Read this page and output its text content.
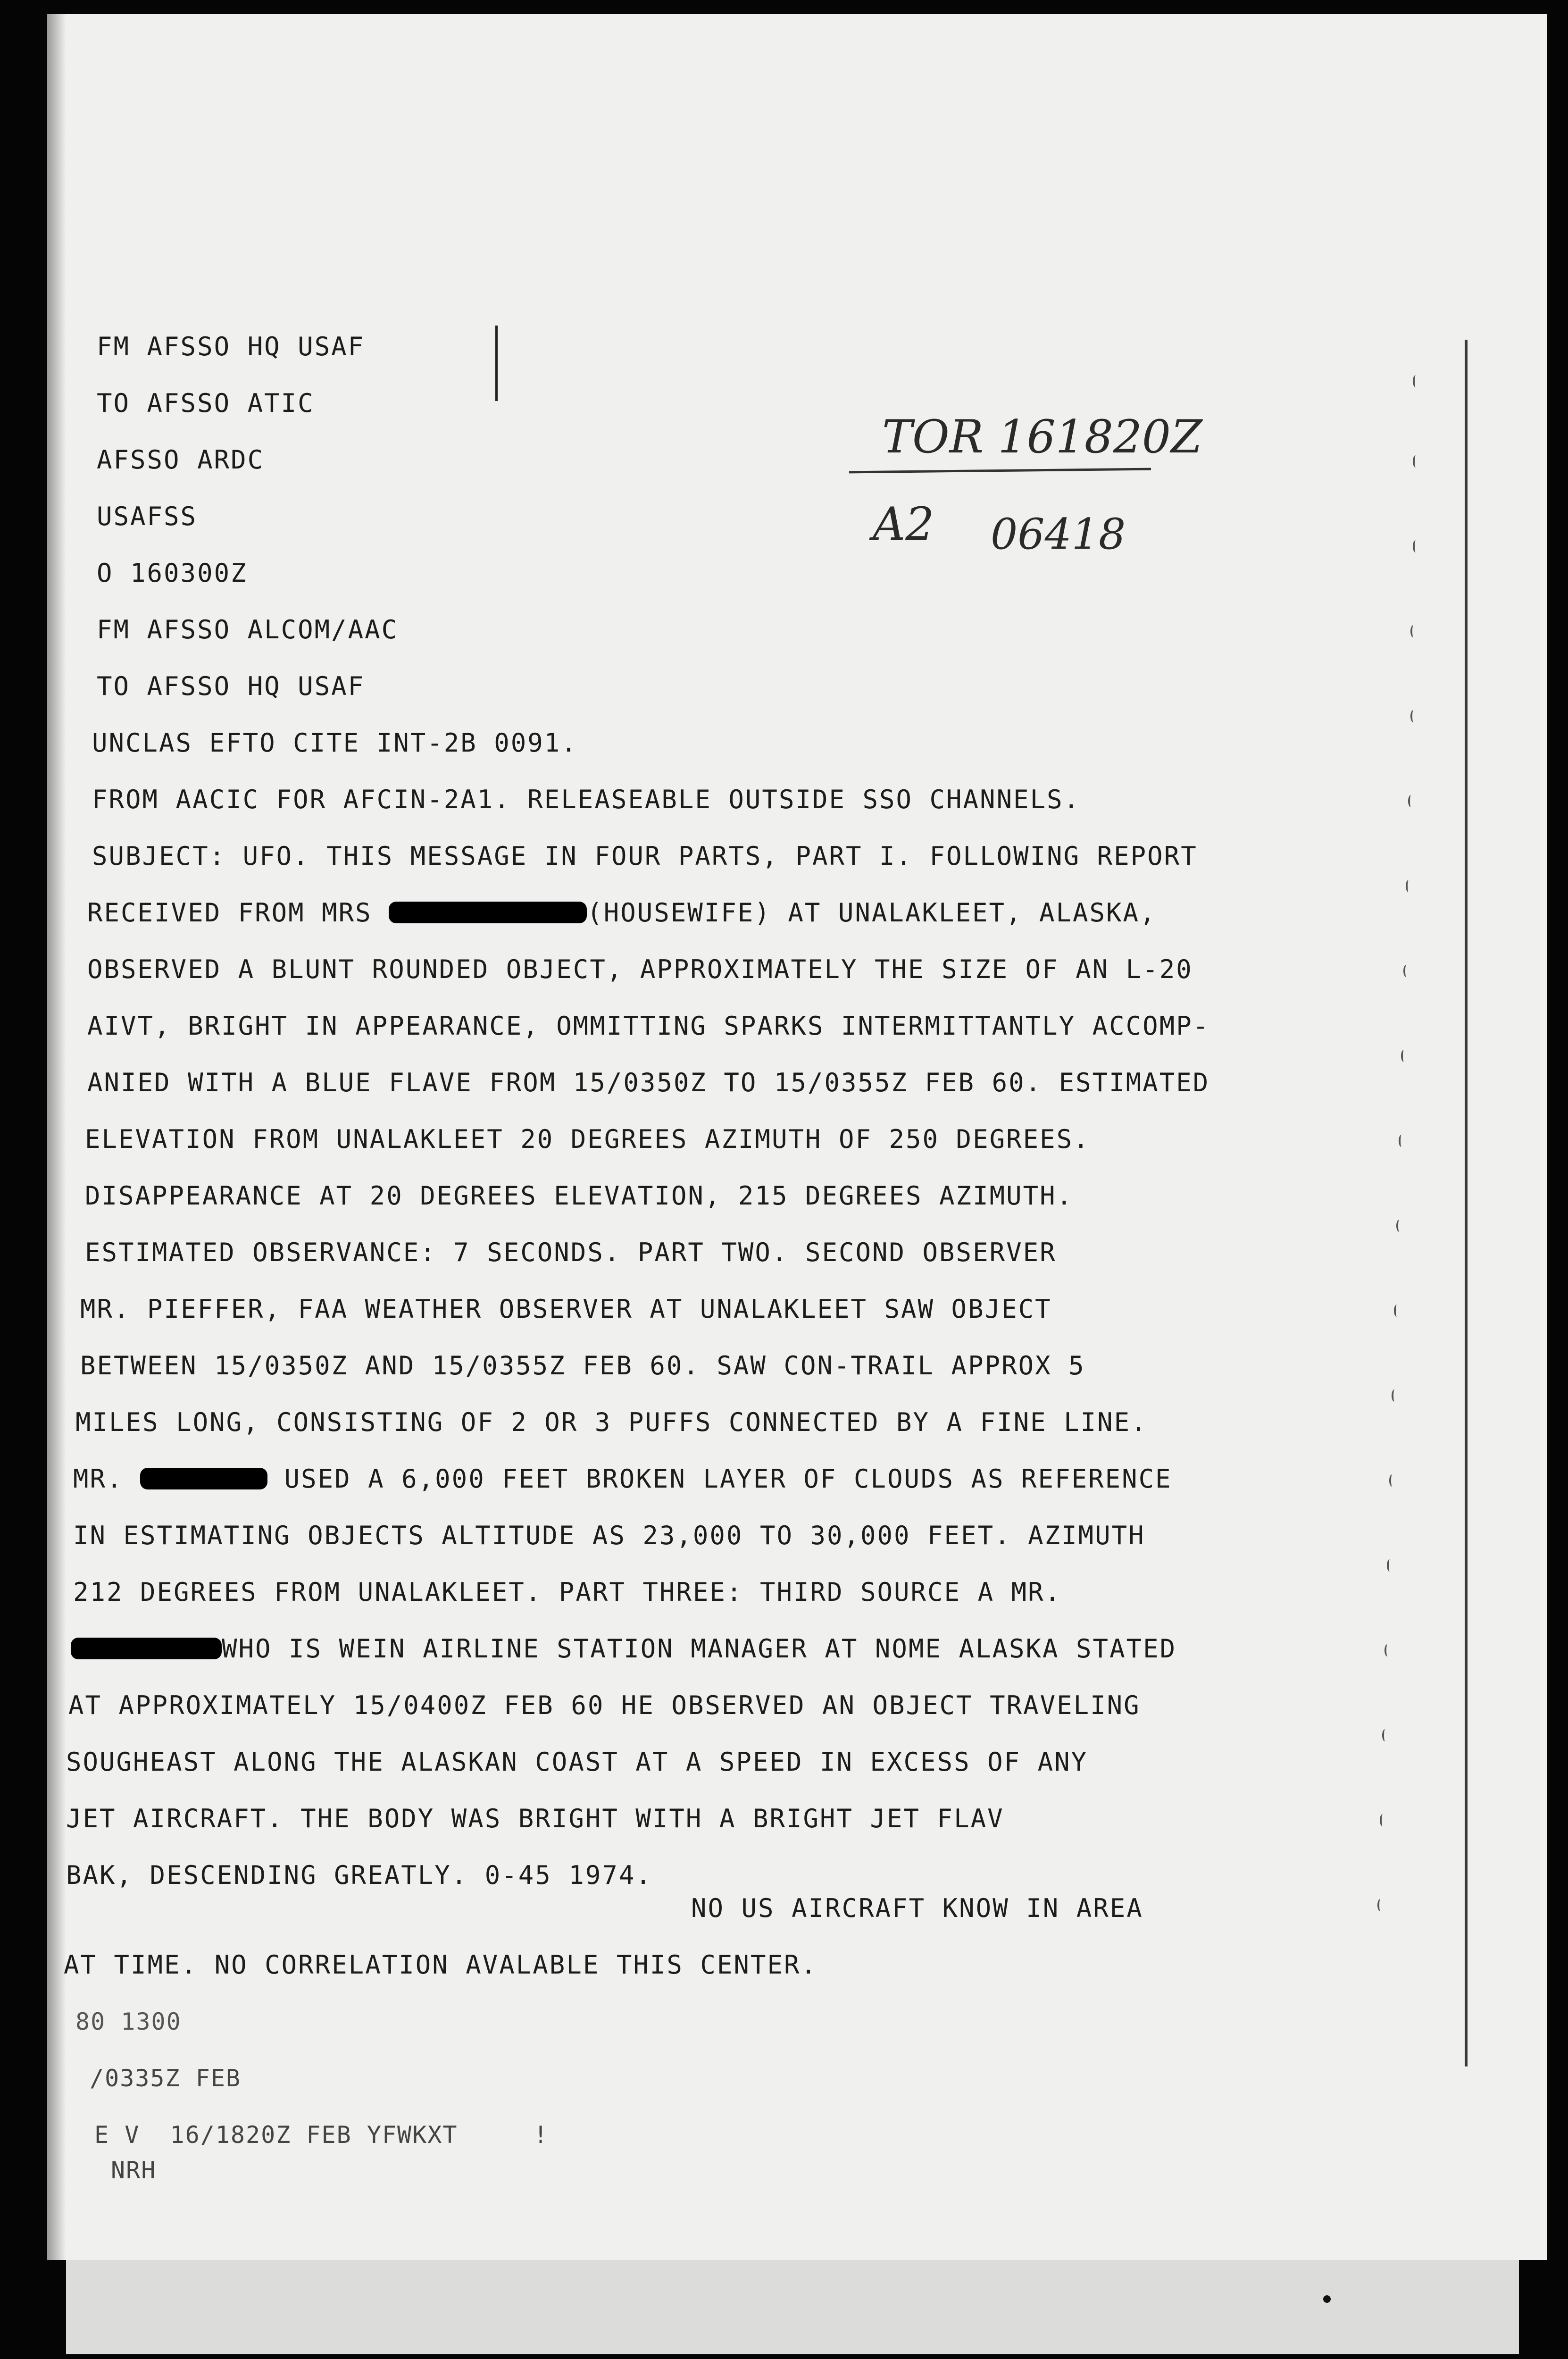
FM AFSSO HQ USAF

TO AFSSO ATIC

AFSSO ARDC

USAFSS

O 160300Z

FM AFSSO ALCOM/AAC

TO AFSSO HQ USAF

UNCLAS EFTO CITE INT-2B 0091.

TOR 161820Z

A2 06418

FROM AACIC FOR AFCIN-2A1. RELEASEABLE OUTSIDE SSO CHANNELS.

SUBJECT: UFO. THIS MESSAGE IN FOUR PARTS, PART I. FOLLOWING REPORT

RECEIVED FROM MRS	(HOUSEWIFE) AT UNALAKLEET, ALASKA,

OBSERVED A BLUNT ROUNDED OBJECT, APPROXIMATELY THE SIZE OF AN L-20

AIVT, BRIGHT IN APPEARANCE, OMMITTING SPARKS INTERMITTANTLY ACCOMP-

ANIED WITH A BLUE FLAVE FROM 15/0350Z TO 15/0355Z FEB 60. ESTIMATED

ELEVATION FROM UNALAKLEET 20 DEGREES AZIMUTH OF 250 DEGREES.

DISAPPEARANCE AT 20 DEGREES ELEVATION, 215 DEGREES AZIMUTH.

ESTIMATED OBSERVANCE: 7 SECONDS. PART TWO. SECOND OBSERVER

MR. PIEFFER, FAA WEATHER OBSERVER AT UNALAKLEET SAW OBJECT

BETWEEN 15/0350Z AND 15/0355Z FEB 60. SAW CON-TRAIL APPROX 5

MILES LONG, CONSISTING OF 2 OR 3 PUFFS CONNECTED BY A FINE LINE.

MR.	USED A 6,000 FEET BROKEN LAYER OF CLOUDS AS REFERENCE

IN ESTIMATING OBJECTS ALTITUDE AS 23,000 TO 30,000 FEET. AZIMUTH

212 DEGREES FROM UNALAKLEET. PART THREE: THIRD SOURCE A MR.

WHO IS WEIN AIRLINE STATION MANAGER AT NOME ALASKA STATED

AT APPROXIMATELY 15/0400Z FEB 60 HE OBSERVED AN OBJECT TRAVELING

SOUGHEAST ALONG THE ALASKAN COAST AT A SPEED IN EXCESS OF ANY

JET AIRCRAFT. THE BODY WAS BRIGHT WITH A BRIGHT JET FLAV

BAK, DESCENDING GREATLY. 0-45 1974.

NO US AIRCRAFT KNOW IN AREA

AT TIME. NO CORRELATION AVALABLE THIS CENTER.

80 1300

/0335Z FEB

E V  16/1820Z FEB YFWKXT     !

NRH
